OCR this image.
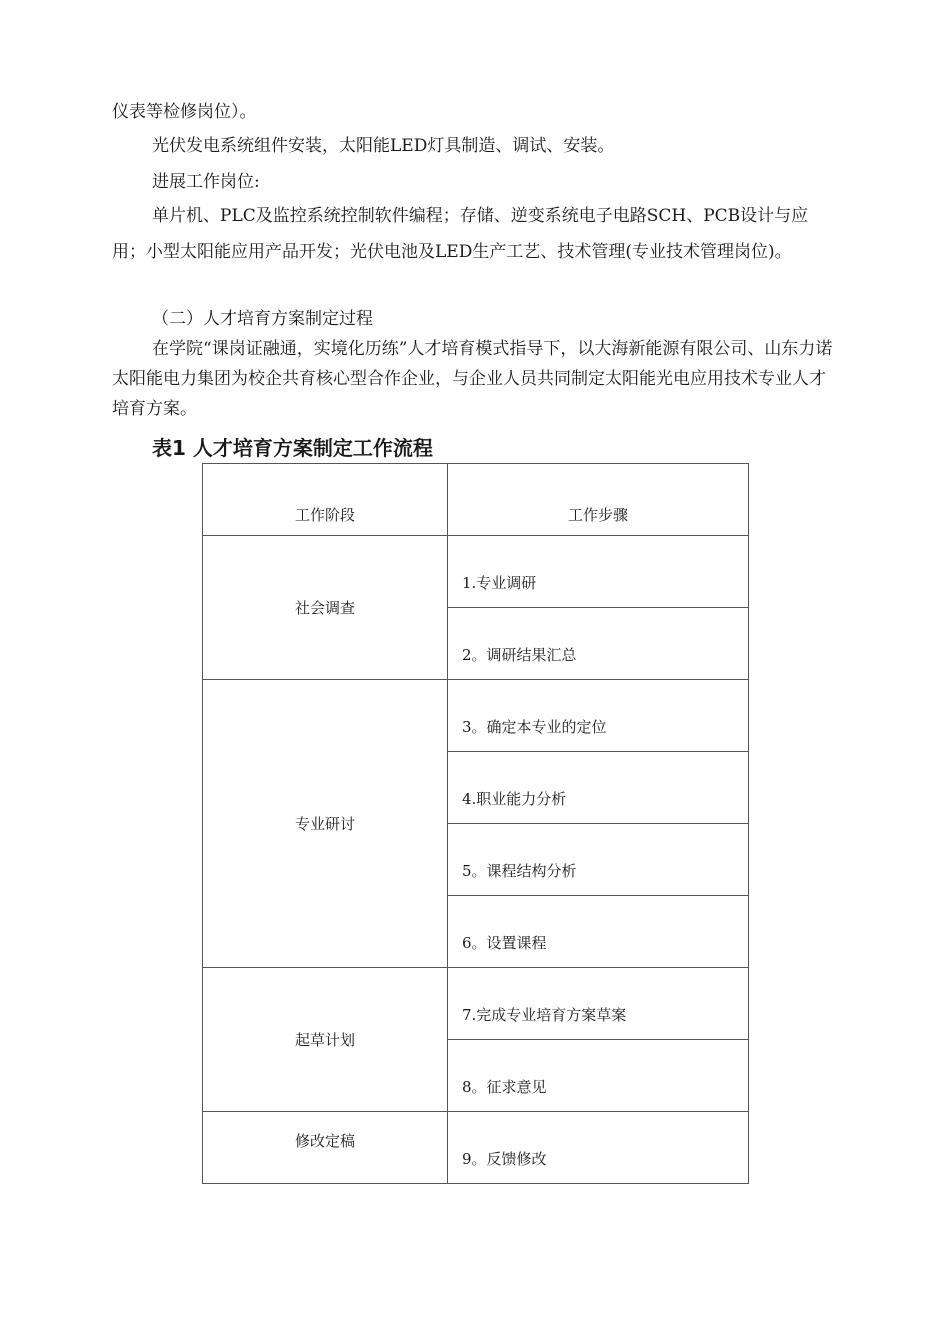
仪表等检修岗位）。

光伏发电系统组件安装，太阳能LED灯具制造、调试、安装。

进展工作岗位:

单片机、PLC及监控系统控制软件编程；存储、逆变系统电子电路SCH、PCB设计与应用；小型太阳能应用产品开发；光伏电池及LED生产工艺、技术管理(专业技术管理岗位)。

（二）人才培育方案制定过程

在学院“课岗证融通，实境化历练”人才培育模式指导下，以大海新能源有限公司、山东力诺太阳能电力集团为校企共育核心型合作企业，与企业人员共同制定太阳能光电应用技术专业人才培育方案。

表1 人才培育方案制定工作流程

工作阶段	工作步骤
社会调查	1.专业调研
	2。调研结果汇总
专业研讨	3。确定本专业的定位
	4.职业能力分析
	5。课程结构分析
	6。设置课程
起草计划	7.完成专业培育方案草案
	8。征求意见
修改定稿	9。反馈修改
